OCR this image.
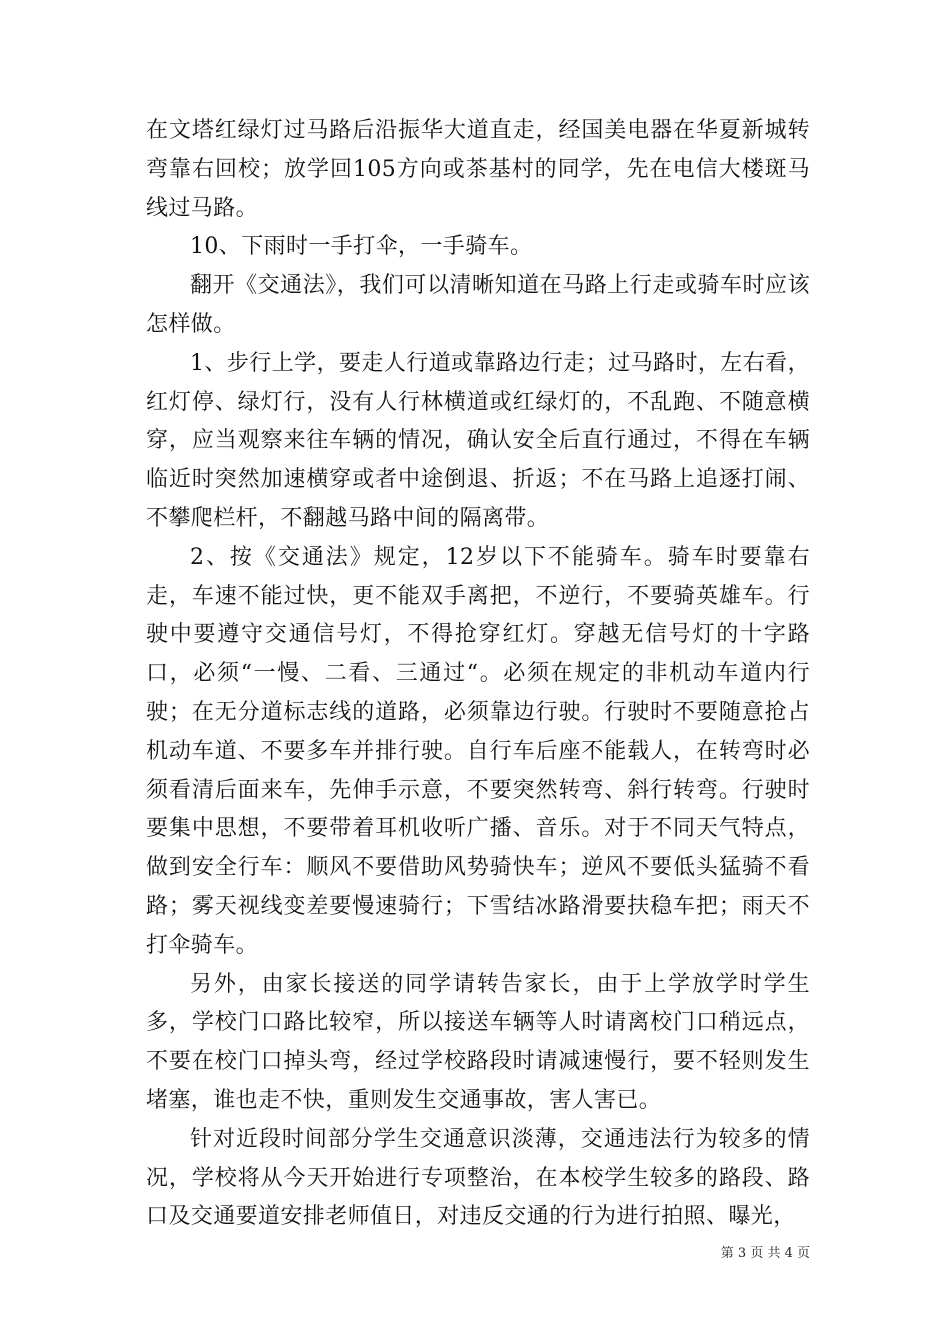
在文塔红绿灯过马路后沿振华大道直走，经国美电器在华夏新城转弯靠右回校；放学回105方向或茶基村的同学，先在电信大楼斑马线过马路。

10、下雨时一手打伞，一手骑车。

翻开《交通法》，我们可以清晰知道在马路上行走或骑车时应该怎样做。

1、步行上学，要走人行道或靠路边行走；过马路时，左右看，红灯停、绿灯行，没有人行林横道或红绿灯的，不乱跑、不随意横穿，应当观察来往车辆的情况，确认安全后直行通过，不得在车辆临近时突然加速横穿或者中途倒退、折返；不在马路上追逐打闹、不攀爬栏杆，不翻越马路中间的隔离带。

2、按《交通法》规定，12岁以下不能骑车。骑车时要靠右走，车速不能过快，更不能双手离把，不逆行，不要骑英雄车。行驶中要遵守交通信号灯，不得抢穿红灯。穿越无信号灯的十字路口，必须“一慢、二看、三通过“。必须在规定的非机动车道内行驶；在无分道标志线的道路，必须靠边行驶。行驶时不要随意抢占机动车道、不要多车并排行驶。自行车后座不能载人，在转弯时必须看清后面来车，先伸手示意，不要突然转弯、斜行转弯。行驶时要集中思想，不要带着耳机收听广播、音乐。对于不同天气特点，做到安全行车：顺风不要借助风势骑快车；逆风不要低头猛骑不看路；雾天视线变差要慢速骑行；下雪结冰路滑要扶稳车把；雨天不打伞骑车。

另外，由家长接送的同学请转告家长，由于上学放学时学生多，学校门口路比较窄，所以接送车辆等人时请离校门口稍远点，不要在校门口掉头弯，经过学校路段时请减速慢行，要不轻则发生堵塞，谁也走不快，重则发生交通事故，害人害已。

针对近段时间部分学生交通意识淡薄，交通违法行为较多的情况，学校将从今天开始进行专项整治，在本校学生较多的路段、路口及交通要道安排老师值日，对违反交通的行为进行拍照、曝光，

第 3 页 共 4 页
